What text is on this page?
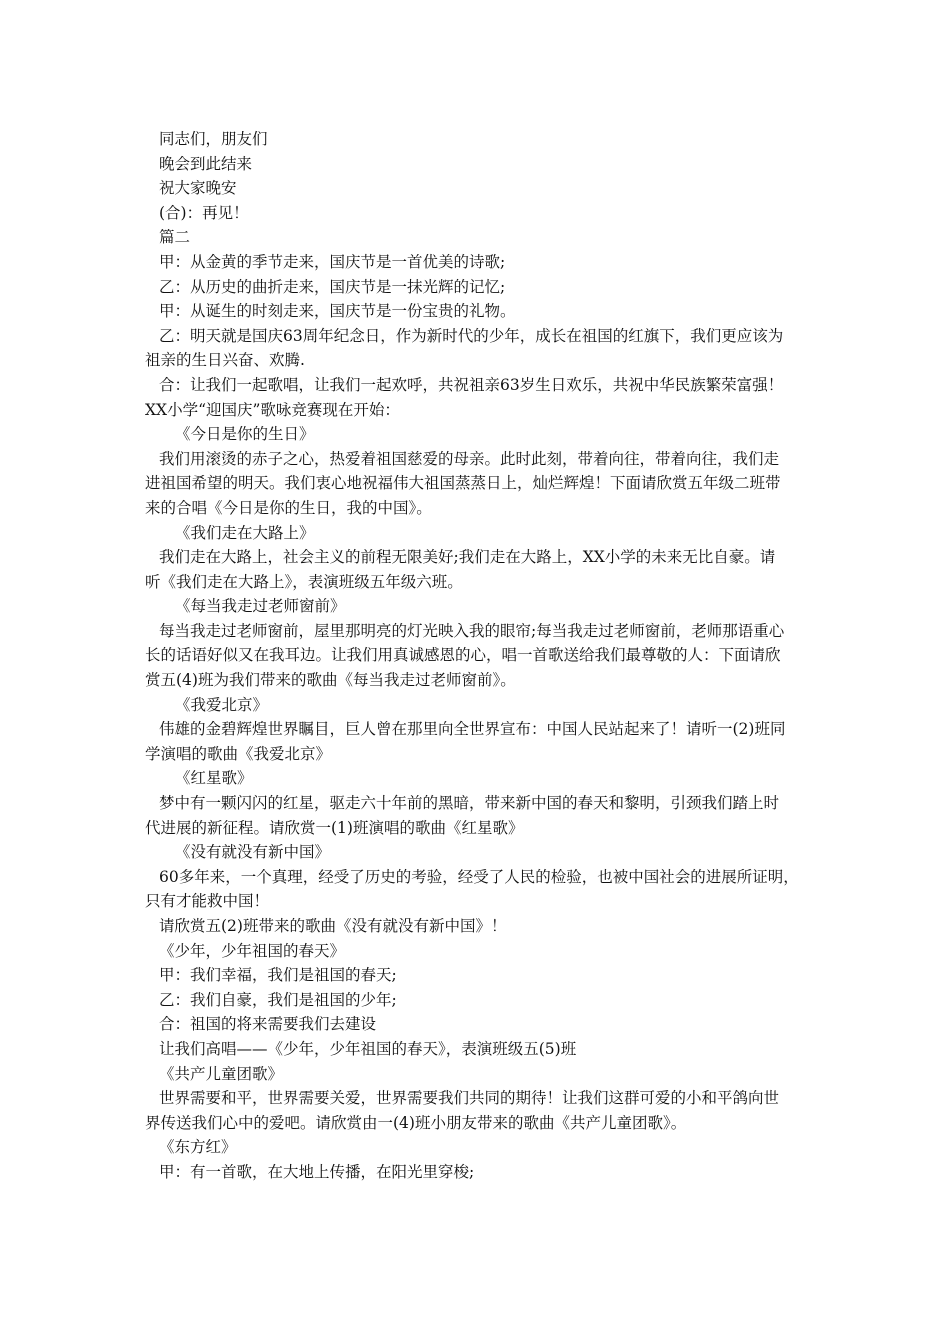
同志们，朋友们
晚会到此结来
祝大家晚安
(合)：再见！
篇二
甲：从金黄的季节走来，国庆节是一首优美的诗歌;
乙：从历史的曲折走来，国庆节是一抹光辉的记忆;
甲：从诞生的时刻走来，国庆节是一份宝贵的礼物。
乙：明天就是国庆63周年纪念日，作为新时代的少年，成长在祖国的红旗下，我们更应该为
祖亲的生日兴奋、欢腾.
合：让我们一起歌唱，让我们一起欢呼，共祝祖亲63岁生日欢乐，共祝中华民族繁荣富强！
XX小学“迎国庆”歌咏竞赛现在开始：
《今日是你的生日》
我们用滚烫的赤子之心，热爱着祖国慈爱的母亲。此时此刻，带着向往，带着向往，我们走
进祖国希望的明天。我们衷心地祝福伟大祖国蒸蒸日上，灿烂辉煌！下面请欣赏五年级二班带
来的合唱《今日是你的生日，我的中国》。
《我们走在大路上》
我们走在大路上，社会主义的前程无限美好;我们走在大路上，XX小学的未来无比自豪。请
听《我们走在大路上》，表演班级五年级六班。
《每当我走过老师窗前》
每当我走过老师窗前，屋里那明亮的灯光映入我的眼帘;每当我走过老师窗前，老师那语重心
长的话语好似又在我耳边。让我们用真诚感恩的心，唱一首歌送给我们最尊敬的人：下面请欣
赏五(4)班为我们带来的歌曲《每当我走过老师窗前》。
《我爱北京》
伟雄的金碧辉煌世界瞩目，巨人曾在那里向全世界宣布：中国人民站起来了！请听一(2)班同
学演唱的歌曲《我爱北京》
《红星歌》
梦中有一颗闪闪的红星，驱走六十年前的黑暗，带来新中国的春天和黎明，引颈我们踏上时
代进展的新征程。请欣赏一(1)班演唱的歌曲《红星歌》
《没有就没有新中国》
60多年来，一个真理，经受了历史的考验，经受了人民的检验，也被中国社会的进展所证明，
只有才能救中国！
请欣赏五(2)班带来的歌曲《没有就没有新中国》！
《少年，少年祖国的春天》
甲：我们幸福，我们是祖国的春天;
乙：我们自豪，我们是祖国的少年;
合：祖国的将来需要我们去建设
让我们高唱——《少年，少年祖国的春天》，表演班级五(5)班
《共产儿童团歌》
世界需要和平，世界需要关爱，世界需要我们共同的期待！让我们这群可爱的小和平鸽向世
界传送我们心中的爱吧。请欣赏由一(4)班小朋友带来的歌曲《共产儿童团歌》。
《东方红》
甲：有一首歌，在大地上传播，在阳光里穿梭;
